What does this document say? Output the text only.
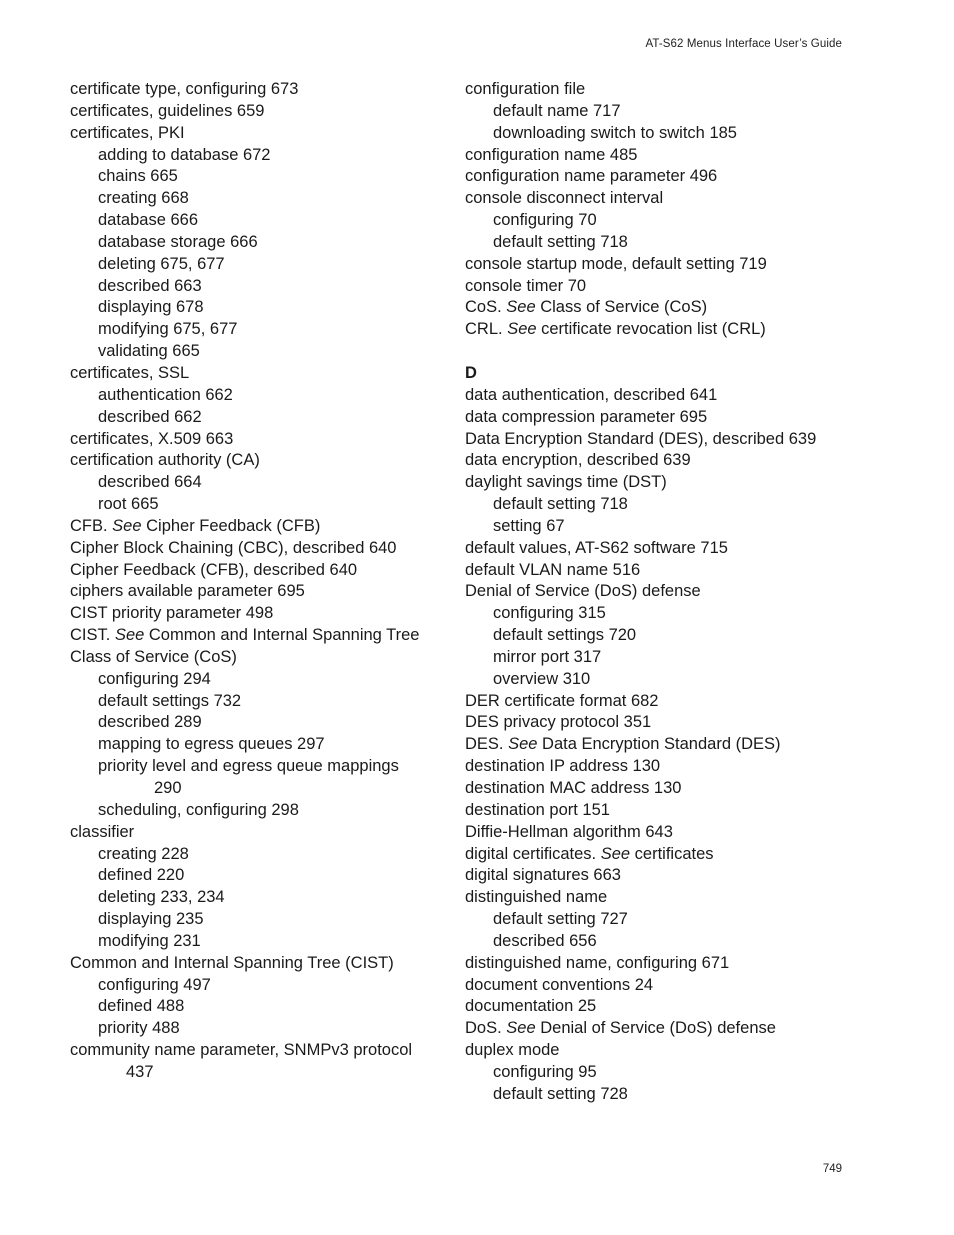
AT-S62 Menus Interface User’s Guide
certificate type, configuring 673
certificates, guidelines 659
certificates, PKI
adding to database 672
chains 665
creating 668
database 666
database storage 666
deleting 675, 677
described 663
displaying 678
modifying 675, 677
validating 665
certificates, SSL
authentication 662
described 662
certificates, X.509 663
certification authority (CA)
described 664
root 665
CFB. See Cipher Feedback (CFB)
Cipher Block Chaining (CBC), described 640
Cipher Feedback (CFB), described 640
ciphers available parameter 695
CIST priority parameter 498
CIST. See Common and Internal Spanning Tree
Class of Service (CoS)
configuring 294
default settings 732
described 289
mapping to egress queues 297
priority level and egress queue mappings
290
scheduling, configuring 298
classifier
creating 228
defined 220
deleting 233, 234
displaying 235
modifying 231
Common and Internal Spanning Tree (CIST)
configuring 497
defined 488
priority 488
community name parameter, SNMPv3 protocol
437
configuration file
default name 717
downloading switch to switch 185
configuration name 485
configuration name parameter 496
console disconnect interval
configuring 70
default setting 718
console startup mode, default setting 719
console timer 70
CoS. See Class of Service (CoS)
CRL. See certificate revocation list (CRL)
D
data authentication, described 641
data compression parameter 695
Data Encryption Standard (DES), described 639
data encryption, described 639
daylight savings time (DST)
default setting 718
setting 67
default values, AT-S62 software 715
default VLAN name 516
Denial of Service (DoS) defense
configuring 315
default settings 720
mirror port 317
overview 310
DER certificate format 682
DES privacy protocol 351
DES. See Data Encryption Standard (DES)
destination IP address 130
destination MAC address 130
destination port 151
Diffie-Hellman algorithm 643
digital certificates. See certificates
digital signatures 663
distinguished name
default setting 727
described 656
distinguished name, configuring 671
document conventions 24
documentation 25
DoS. See Denial of Service (DoS) defense
duplex mode
configuring 95
default setting 728
749
